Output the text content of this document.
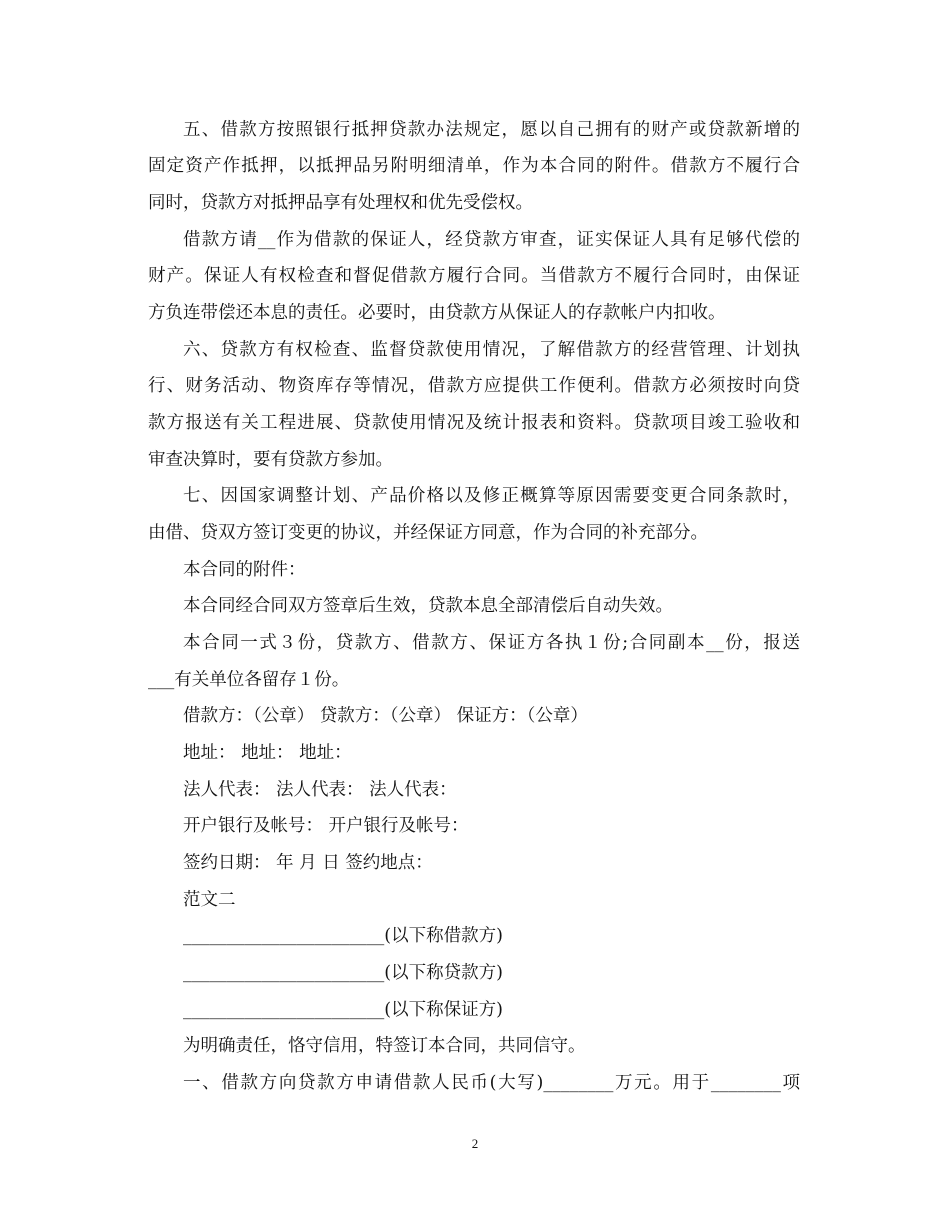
五、借款方按照银行抵押贷款办法规定，愿以自己拥有的财产或贷款新增的
固定资产作抵押，以抵押品另附明细清单，作为本合同的附件。借款方不履行合
同时，贷款方对抵押品享有处理权和优先受偿权。
借款方请__作为借款的保证人，经贷款方审查，证实保证人具有足够代偿的
财产。保证人有权检查和督促借款方履行合同。当借款方不履行合同时，由保证
方负连带偿还本息的责任。必要时，由贷款方从保证人的存款帐户内扣收。
六、贷款方有权检查、监督贷款使用情况，了解借款方的经营管理、计划执
行、财务活动、物资库存等情况，借款方应提供工作便利。借款方必须按时向贷
款方报送有关工程进展、贷款使用情况及统计报表和资料。贷款项目竣工验收和
审查决算时，要有贷款方参加。
七、因国家调整计划、产品价格以及修正概算等原因需要变更合同条款时，
由借、贷双方签订变更的协议，并经保证方同意，作为合同的补充部分。
本合同的附件：
本合同经合同双方签章后生效，贷款本息全部清偿后自动失效。
本合同一式３份，贷款方、借款方、保证方各执１份;合同副本__份，报送
___有关单位各留存１份。
借款方：（公章） 贷款方：（公章） 保证方：（公章）
地址： 地址： 地址：
法人代表： 法人代表： 法人代表：
开户银行及帐号： 开户银行及帐号：
签约日期： 年 月 日 签约地点：
范文二
_______________________(以下称借款方)
_______________________(以下称贷款方)
_______________________(以下称保证方)
为明确责任，恪守信用，特签订本合同，共同信守。
一、借款方向贷款方申请借款人民币(大写)________万元。用于________项
2
